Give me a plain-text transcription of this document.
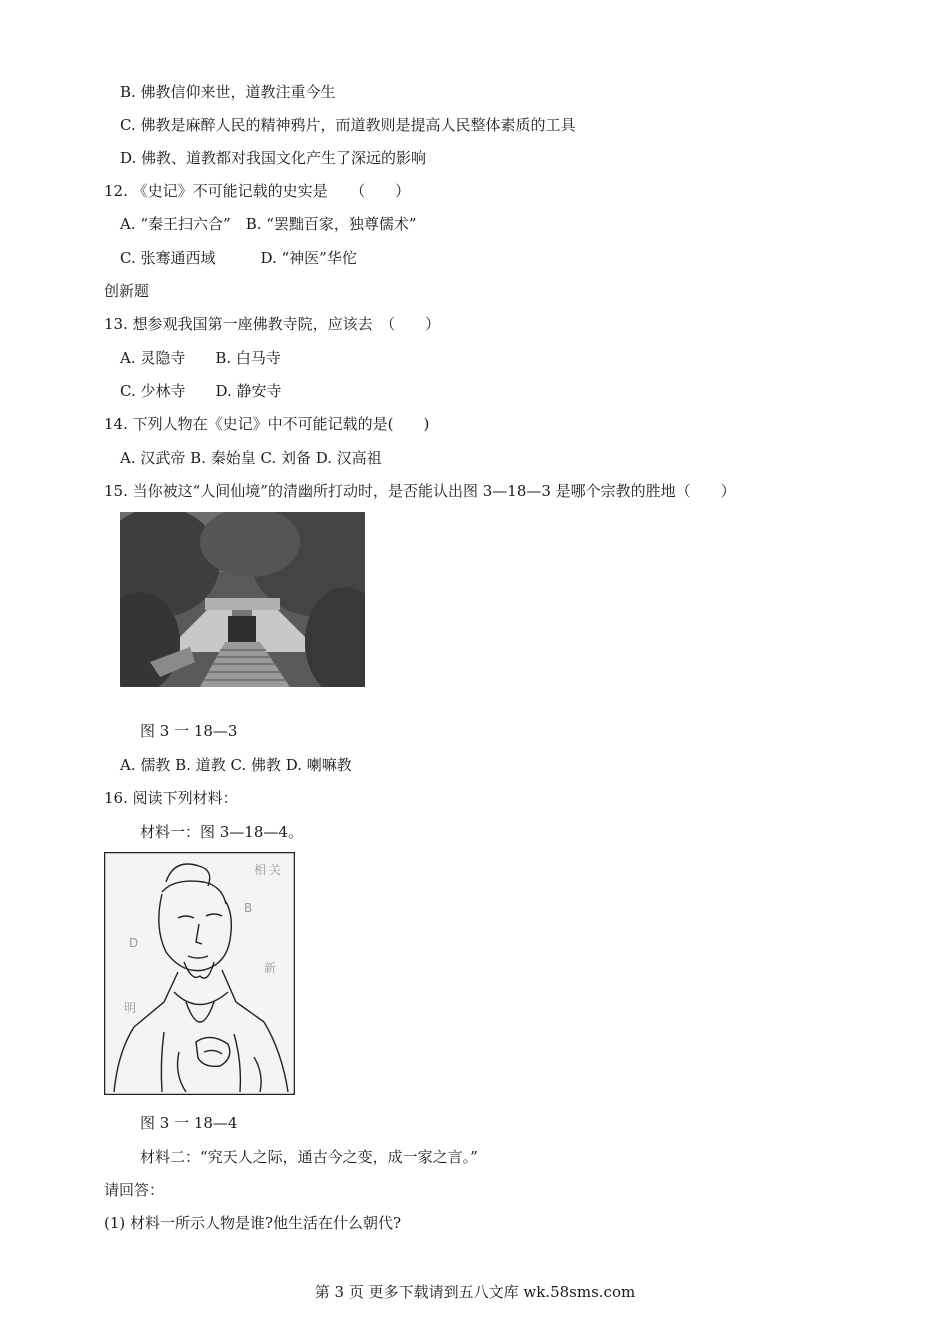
B. 佛教信仰来世，道教注重今生
C. 佛教是麻醉人民的精神鸦片，而道教则是提高人民整体素质的工具
D. 佛教、道教都对我国文化产生了深远的影响
12. 《史记》不可能记载的史实是　　（　　）
A. “秦王扫六合”　B. “罢黜百家，独尊儒术”
C. 张骞通西域　　　D. “神医”华佗
创新题
13. 想参观我国第一座佛教寺院，应该去　（　　）
A. 灵隐寺　　B. 白马寺
C. 少林寺　　D. 静安寺
14. 下列人物在《史记》中不可能记载的是(　　)
A. 汉武帝 B. 秦始皇 C. 刘备 D. 汉高祖
15. 当你被这“人间仙境”的清幽所打动时，是否能认出图 3—18—3 是哪个宗教的胜地（　　）
图 3 一 18—3
A. 儒教 B. 道教 C. 佛教 D. 喇嘛教
16. 阅读下列材料：
材料一：图 3—18—4。
相 关
B
D
新
明
图 3 一 18—4
材料二：“究天人之际，通古今之变，成一家之言。”
请回答：
(1) 材料一所示人物是谁?他生活在什么朝代?
第 3 页 更多下载请到五八文库 wk.58sms.com
